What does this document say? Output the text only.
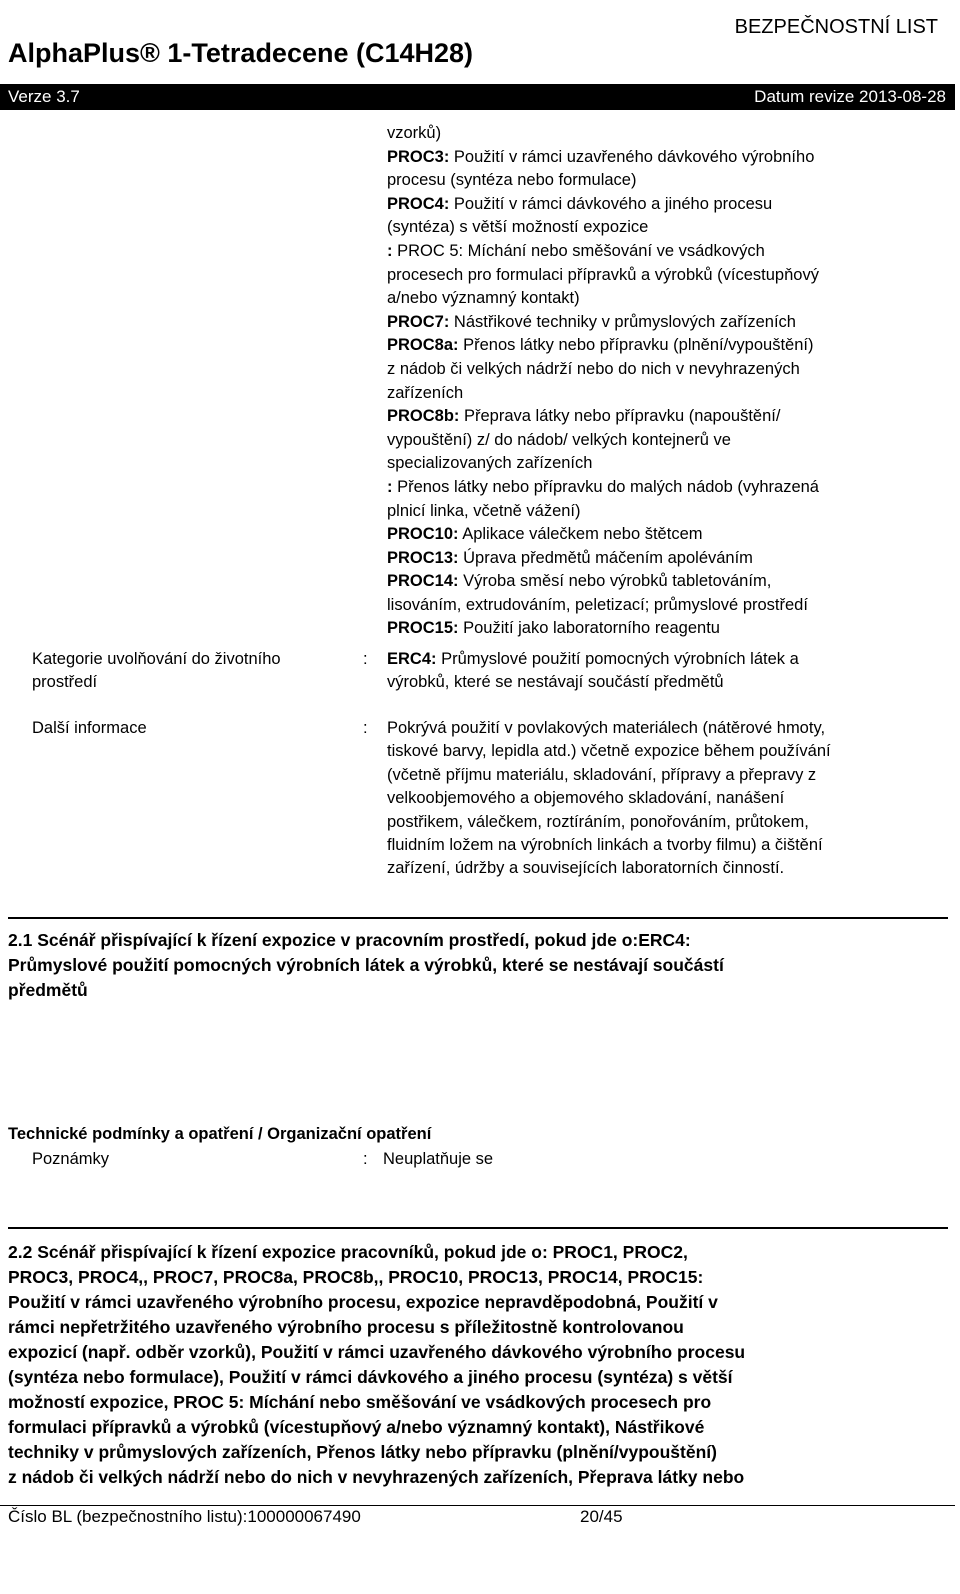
BEZPEČNOSTNÍ LIST
AlphaPlus® 1-Tetradecene (C14H28)
Verze 3.7	Datum revize 2013-08-28
vzorků)
PROC3: Použití v rámci uzavřeného dávkového výrobního
procesu (syntéza nebo formulace)
PROC4: Použití v rámci dávkového a jiného procesu
(syntéza) s větší možností expozice
: PROC 5: Míchání nebo směšování ve vsádkových
procesech pro formulaci přípravků a výrobků (vícestupňový
a/nebo významný kontakt)
PROC7: Nástřikové techniky v průmyslových zařízeních
PROC8a: Přenos látky nebo přípravku (plnění/vypouštění)
z nádob či velkých nádrží nebo do nich v nevyhrazených
zařízeních
PROC8b: Přeprava látky nebo přípravku (napouštění/
vypouštění) z/ do nádob/ velkých kontejnerů ve
specializovaných zařízeních
: Přenos látky nebo přípravku do malých nádob (vyhrazená
plnicí linka, včetně vážení)
PROC10: Aplikace válečkem nebo štětcem
PROC13: Úprava předmětů máčením apoléváním
PROC14: Výroba směsí nebo výrobků tabletováním,
lisováním, extrudováním, peletizací; průmyslové prostředí
PROC15: Použití jako laboratorního reagentu
Kategorie uvolňování do životního
prostředí
: ERC4: Průmyslové použití pomocných výrobních látek a
výrobků, které se nestávají součástí předmětů
Další informace	: Pokrývá použití v povlakových materiálech (nátěrové hmoty,
tiskové barvy, lepidla atd.) včetně expozice během používání
(včetně příjmu materiálu, skladování, přípravy a přepravy z
velkoobjemového a objemového skladování, nanášení
postřikem, válečkem, roztíráním, ponořováním, průtokem,
fluidním ložem na výrobních linkách a tvorby filmu) a čištění
zařízení, údržby a souvisejících laboratorních činností.
2.1 Scénář přispívající k řízení expozice v pracovním prostředí, pokud jde o:ERC4:
Průmyslové použití pomocných výrobních látek a výrobků, které se nestávají součástí
předmětů
Technické podmínky a opatření / Organizační opatření
Poznámky	: Neuplatňuje se
2.2 Scénář přispívající k řízení expozice pracovníků, pokud jde o: PROC1, PROC2,
PROC3, PROC4,, PROC7, PROC8a, PROC8b,, PROC10, PROC13, PROC14, PROC15:
Použití v rámci uzavřeného výrobního procesu, expozice nepravděpodobná, Použití v
rámci nepřetržitého uzavřeného výrobního procesu s příležitostně kontrolovanou
expozicí (např. odběr vzorků), Použití v rámci uzavřeného dávkového výrobního procesu
(syntéza nebo formulace), Použití v rámci dávkového a jiného procesu (syntéza) s větší
možností expozice, PROC 5: Míchání nebo směšování ve vsádkových procesech pro
formulaci přípravků a výrobků (vícestupňový a/nebo významný kontakt), Nástřikové
techniky v průmyslových zařízeních, Přenos látky nebo přípravku (plnění/vypouštění)
z nádob či velkých nádrží nebo do nich v nevyhrazených zařízeních, Přeprava látky nebo
Číslo BL (bezpečnostního listu):100000067490	20/45
